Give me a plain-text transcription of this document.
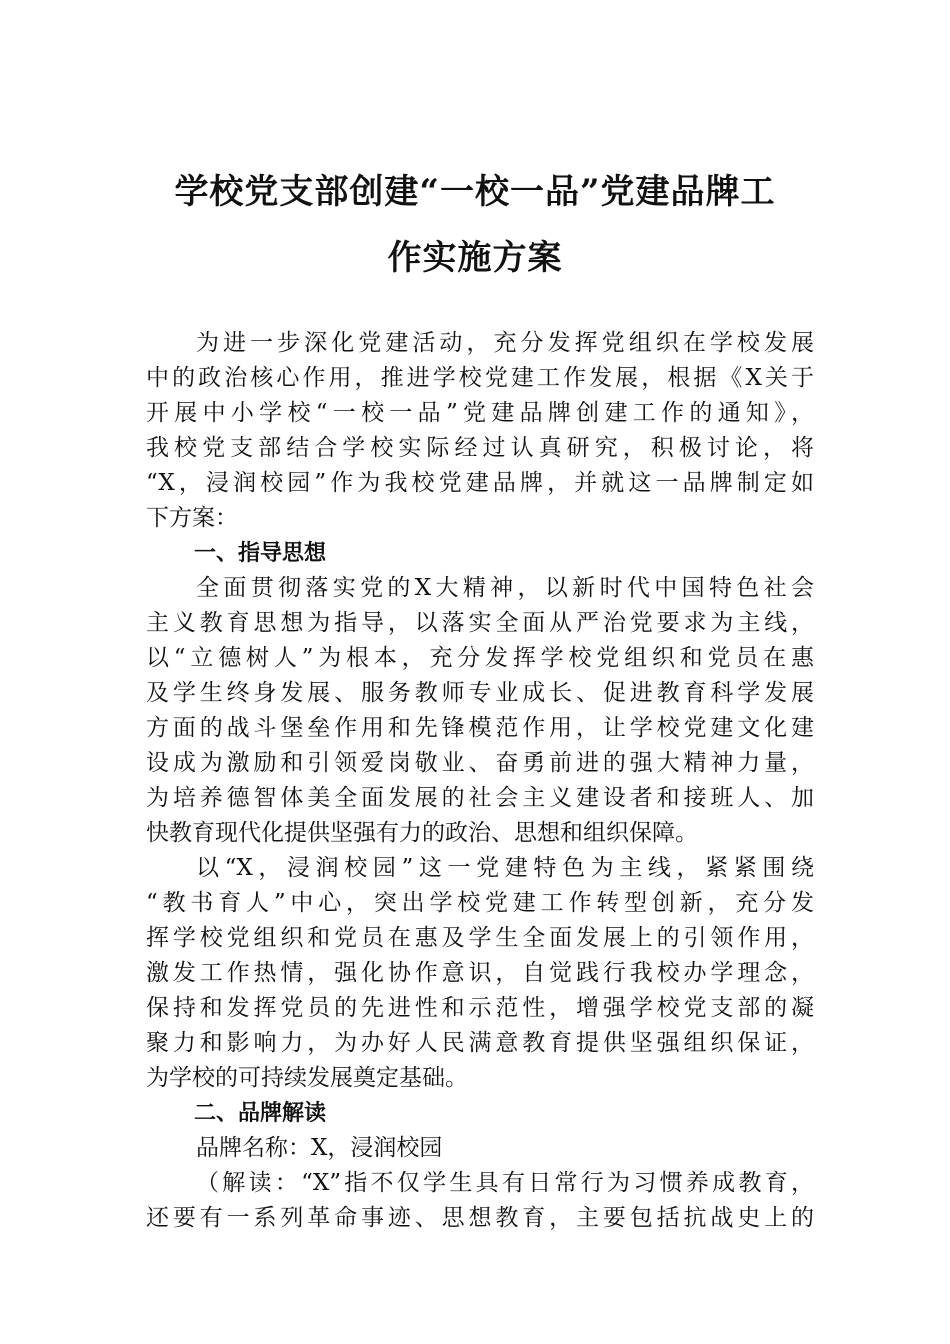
学校党支部创建“一校一品”党建品牌工
作实施方案
为进一步深化党建活动，充分发挥党组织在学校发展
中的政治核心作用，推进学校党建工作发展，根据《X关于
开展中小学校“一校一品”党建品牌创建工作的通知》，
我校党支部结合学校实际经过认真研究，积极讨论，将
“X，浸润校园”作为我校党建品牌，并就这一品牌制定如
下方案：
一、指导思想
全面贯彻落实党的X大精神，以新时代中国特色社会
主义教育思想为指导，以落实全面从严治党要求为主线，
以“立德树人”为根本，充分发挥学校党组织和党员在惠
及学生终身发展、服务教师专业成长、促进教育科学发展
方面的战斗堡垒作用和先锋模范作用，让学校党建文化建
设成为激励和引领爱岗敬业、奋勇前进的强大精神力量，
为培养德智体美全面发展的社会主义建设者和接班人、加
快教育现代化提供坚强有力的政治、思想和组织保障。
以“X，浸润校园”这一党建特色为主线，紧紧围绕
“教书育人”中心，突出学校党建工作转型创新，充分发
挥学校党组织和党员在惠及学生全面发展上的引领作用，
激发工作热情，强化协作意识，自觉践行我校办学理念，
保持和发挥党员的先进性和示范性，增强学校党支部的凝
聚力和影响力，为办好人民满意教育提供坚强组织保证，
为学校的可持续发展奠定基础。
二、品牌解读
品牌名称：X，浸润校园
（解读：“X”指不仅学生具有日常行为习惯养成教育，
还要有一系列革命事迹、思想教育，主要包括抗战史上的
